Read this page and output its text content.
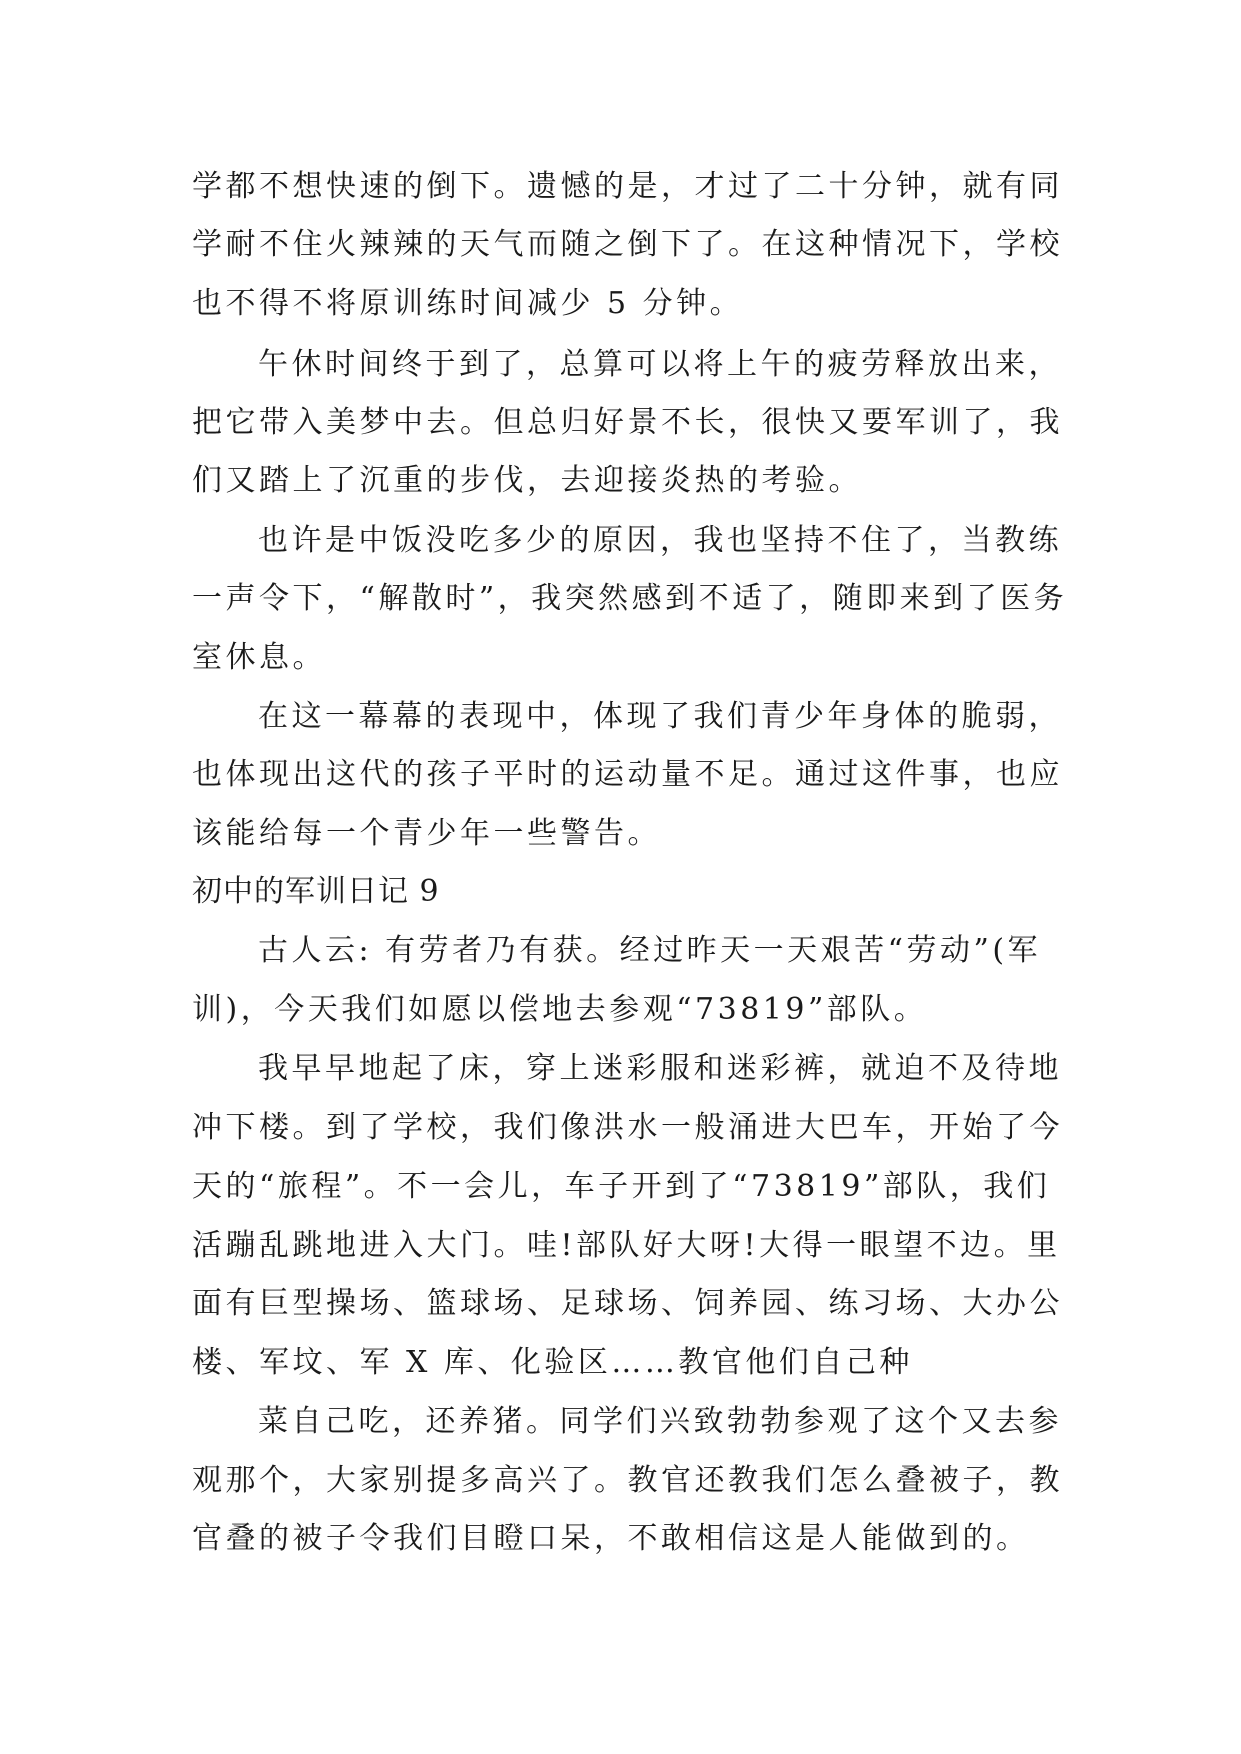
学都不想快速的倒下。遗憾的是，才过了二十分钟，就有同
学耐不住火辣辣的天气而随之倒下了。在这种情况下，学校
也不得不将原训练时间减少 5 分钟。
午休时间终于到了，总算可以将上午的疲劳释放出来，
把它带入美梦中去。但总归好景不长，很快又要军训了，我
们又踏上了沉重的步伐，去迎接炎热的考验。
也许是中饭没吃多少的原因，我也坚持不住了，当教练
一声令下，“解散时”，我突然感到不适了，随即来到了医务
室休息。
在这一幕幕的表现中，体现了我们青少年身体的脆弱，
也体现出这代的孩子平时的运动量不足。通过这件事，也应
该能给每一个青少年一些警告。
初中的军训日记 9
古人云: 有劳者乃有获。经过昨天一天艰苦“劳动”(军
训)，今天我们如愿以偿地去参观“73819”部队。
我早早地起了床，穿上迷彩服和迷彩裤，就迫不及待地
冲下楼。到了学校，我们像洪水一般涌进大巴车，开始了今
天的“旅程”。不一会儿，车子开到了“73819”部队，我们
活蹦乱跳地进入大门。哇!部队好大呀!大得一眼望不边。里
面有巨型操场、篮球场、足球场、饲养园、练习场、大办公
楼、军坟、军 X 库、化验区……教官他们自己种
菜自己吃，还养猪。同学们兴致勃勃参观了这个又去参
观那个，大家别提多高兴了。教官还教我们怎么叠被子，教
官叠的被子令我们目瞪口呆，不敢相信这是人能做到的。
